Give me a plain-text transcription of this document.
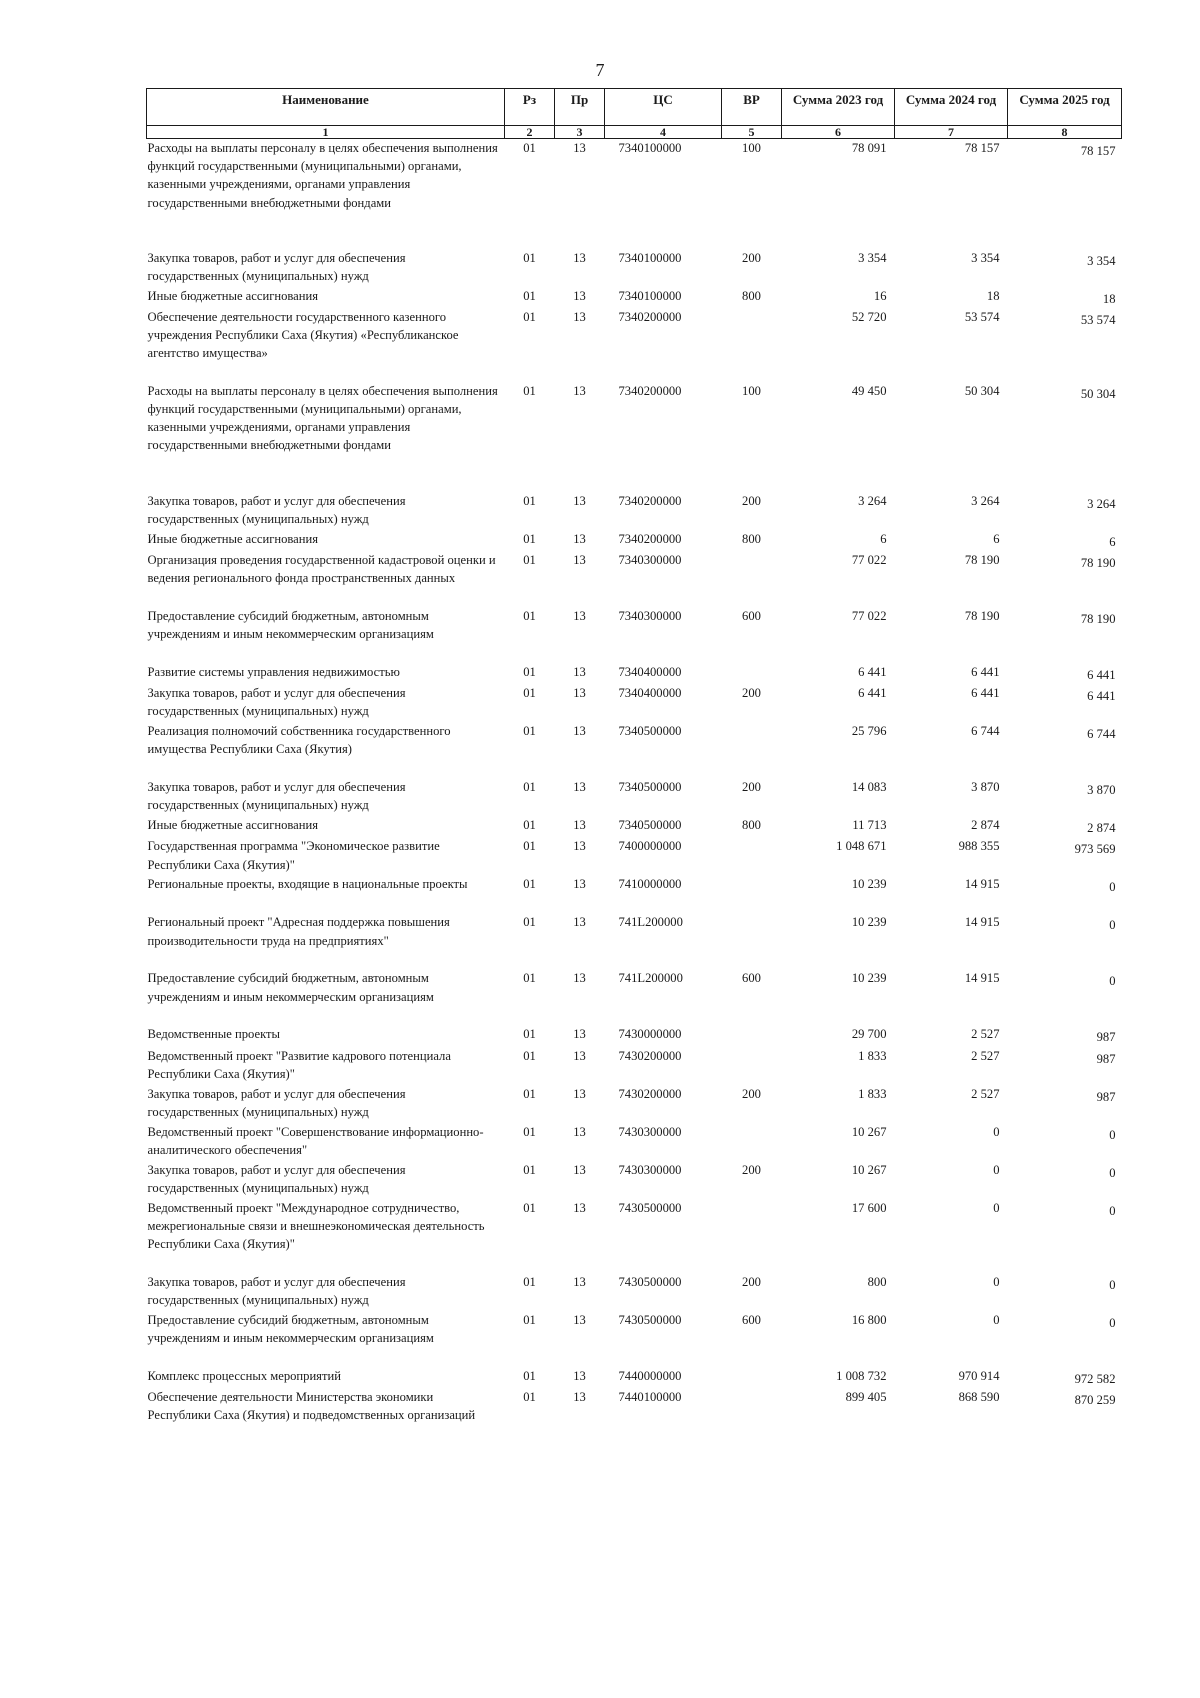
7
Наименование	Рз	Пр	ЦС	ВР	Сумма 2023 год	Сумма 2024 год	Сумма 2025 год
1	2	3	4	5	6	7	8
Расходы на выплаты персоналу в целях обеспечения выполнения функций государственными (муниципальными) органами, казенными учреждениями, органами управления государственными внебюджетными фондами	01	13	7340100000	100	78 091	78 157	78 157
Закупка товаров, работ и услуг для обеспечения государственных (муниципальных) нужд	01	13	7340100000	200	3 354	3 354	3 354
Иные бюджетные ассигнования	01	13	7340100000	800	16	18	18
Обеспечение деятельности государственного казенного учреждения Республики Саха (Якутия) «Республиканское агентство имущества»	01	13	7340200000		52 720	53 574	53 574
Расходы на выплаты персоналу в целях обеспечения выполнения функций государственными (муниципальными) органами, казенными учреждениями, органами управления государственными внебюджетными фондами	01	13	7340200000	100	49 450	50 304	50 304
Закупка товаров, работ и услуг для обеспечения государственных (муниципальных) нужд	01	13	7340200000	200	3 264	3 264	3 264
Иные бюджетные ассигнования	01	13	7340200000	800	6	6	6
Организация проведения государственной кадастровой оценки и ведения регионального фонда пространственных данных	01	13	7340300000		77 022	78 190	78 190
Предоставление субсидий бюджетным, автономным учреждениям и иным некоммерческим организациям	01	13	7340300000	600	77 022	78 190	78 190
Развитие системы управления недвижимостью	01	13	7340400000		6 441	6 441	6 441
Закупка товаров, работ и услуг для обеспечения государственных (муниципальных) нужд	01	13	7340400000	200	6 441	6 441	6 441
Реализация полномочий собственника государственного имущества Республики Саха (Якутия)	01	13	7340500000		25 796	6 744	6 744
Закупка товаров, работ и услуг для обеспечения государственных (муниципальных) нужд	01	13	7340500000	200	14 083	3 870	3 870
Иные бюджетные ассигнования	01	13	7340500000	800	11 713	2 874	2 874
Государственная программа "Экономическое развитие Республики Саха (Якутия)"	01	13	7400000000		1 048 671	988 355	973 569
Региональные проекты, входящие в национальные проекты	01	13	7410000000		10 239	14 915	0
Региональный проект "Адресная поддержка повышения производительности труда на предприятиях"	01	13	741L200000		10 239	14 915	0
Предоставление субсидий бюджетным, автономным учреждениям и иным некоммерческим организациям	01	13	741L200000	600	10 239	14 915	0
Ведомственные проекты	01	13	7430000000		29 700	2 527	987
Ведомственный проект "Развитие кадрового потенциала Республики Саха (Якутия)"	01	13	7430200000		1 833	2 527	987
Закупка товаров, работ и услуг для обеспечения государственных (муниципальных) нужд	01	13	7430200000	200	1 833	2 527	987
Ведомственный проект "Совершенствование информационно-аналитического обеспечения"	01	13	7430300000		10 267	0	0
Закупка товаров, работ и услуг для обеспечения государственных (муниципальных) нужд	01	13	7430300000	200	10 267	0	0
Ведомственный проект "Международное сотрудничество, межрегиональные связи и внешнеэкономическая деятельность Республики Саха (Якутия)"	01	13	7430500000		17 600	0	0
Закупка товаров, работ и услуг для обеспечения государственных (муниципальных) нужд	01	13	7430500000	200	800	0	0
Предоставление субсидий бюджетным, автономным учреждениям и иным некоммерческим организациям	01	13	7430500000	600	16 800	0	0
Комплекс процессных мероприятий	01	13	7440000000		1 008 732	970 914	972 582
Обеспечение деятельности Министерства экономики Республики Саха (Якутия) и подведомственных организаций	01	13	7440100000		899 405	868 590	870 259
